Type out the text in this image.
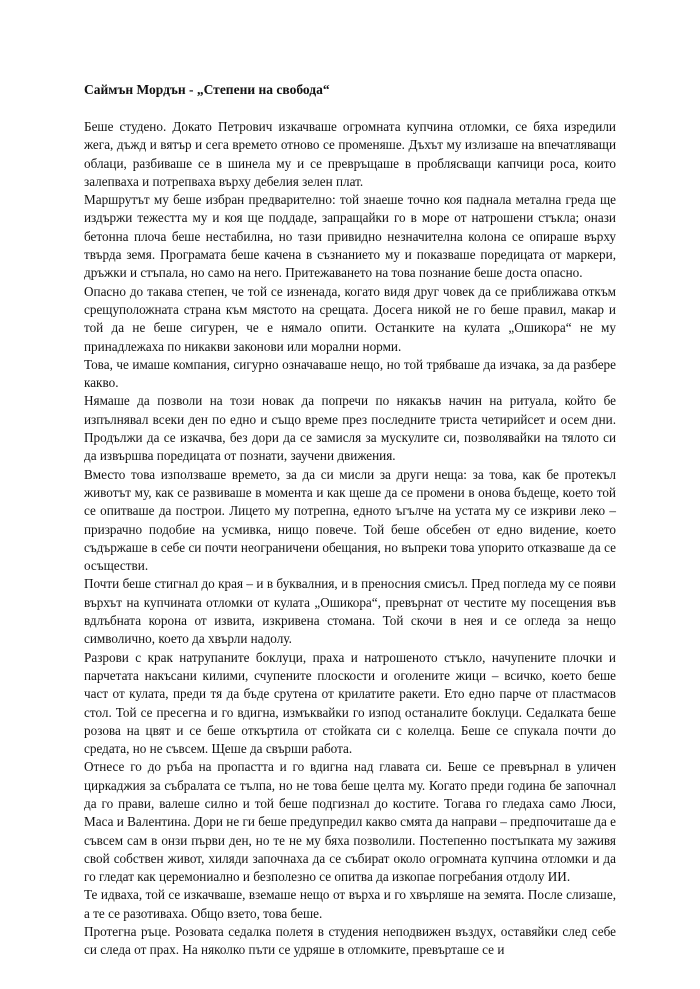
Саймън Мордън - „Степени на свобода“

Беше студено. Докато Петрович изкачваше огромната купчина отломки, се бяха изредили жега, дъжд и вятър и сега времето отново се променяше. Дъхът му излизаше на впечатляващи облаци, разбиваше се в шинела му и се превръщаше в проблясващи капчици роса, които залепваха и потрепваха върху дебелия зелен плат.

Маршрутът му беше избран предварително: той знаеше точно коя паднала метална греда ще издържи тежестта му и коя ще поддаде, запращайки го в море от натрошени стъкла; онази бетонна плоча беше нестабилна, но тази привидно незначителна колона се опираше върху твърда земя. Програмата беше качена в съзнанието му и показваше поредицата от маркери, дръжки и стъпала, но само на него. Притежаването на това познание беше доста опасно.

Опасно до такава степен, че той се изненада, когато видя друг човек да се приближава откъм срещуположната страна към мястото на срещата. Досега никой не го беше правил, макар и той да не беше сигурен, че е нямало опити. Останките на кулата „Ошикора“ не му принадлежаха по никакви законови или морални норми.

Това, че имаше компания, сигурно означаваше нещо, но той трябваше да изчака, за да разбере какво.

Нямаше да позволи на този новак да попречи по някакъв начин на ритуала, който бе изпълнявал всеки ден по едно и също време през последните триста четирийсет и осем дни. Продължи да се изкачва, без дори да се замисля за мускулите си, позволявайки на тялото си да извършва поредицата от познати, заучени движения.

Вместо това използваше времето, за да си мисли за други неща: за това, как бе протекъл животът му, как се развиваше в момента и как щеше да се промени в онова бъдеще, което той се опитваше да построи. Лицето му потрепна, едното ъгълче на устата му се изкриви леко – призрачно подобие на усмивка, нищо повече. Той беше обсебен от едно видение, което съдържаше в себе си почти неограничени обещания, но въпреки това упорито отказваше да се осъществи.

Почти беше стигнал до края – и в буквалния, и в преносния смисъл. Пред погледа му се появи върхът на купчината отломки от кулата „Ошикора“, превърнат от честите му посещения във вдлъбната корона от извита, изкривена стомана. Той скочи в нея и се огледа за нещо символично, което да хвърли надолу.

Разрови с крак натрупаните боклуци, праха и натрошеното стъкло, начупените плочки и парчетата накъсани килими, счупените плоскости и оголените жици – всичко, което беше част от кулата, преди тя да бъде срутена от крилатите ракети. Ето едно парче от пластмасов стол. Той се пресегна и го вдигна, измъквайки го изпод останалите боклуци. Седалката беше розова на цвят и се беше откъртила от стойката си с колелца. Беше се спукала почти до средата, но не съвсем. Щеше да свърши работа.

Отнесе го до ръба на пропастта и го вдигна над главата си. Беше се превърнал в уличен циркаджия за събралата се тълпа, но не това беше целта му. Когато преди година бе започнал да го прави, валеше силно и той беше подгизнал до костите. Тогава го гледаха само Люси, Маса и Валентина. Дори не ги беше предупредил какво смята да направи – предпочиташе да е съвсем сам в онзи първи ден, но те не му бяха позволили. Постепенно постъпката му заживя свой собствен живот, хиляди започнаха да се събират около огромната купчина отломки и да го гледат как церемониално и безполезно се опитва да изкопае погребания отдолу ИИ.

Те идваха, той се изкачваше, вземаше нещо от върха и го хвърляше на земята. После слизаше, а те се разотиваха. Общо взето, това беше.

Протегна ръце. Розовата седалка полетя в студения неподвижен въздух, оставяйки след себе си следа от прах. На няколко пъти се удряше в отломките, превърташе се и
